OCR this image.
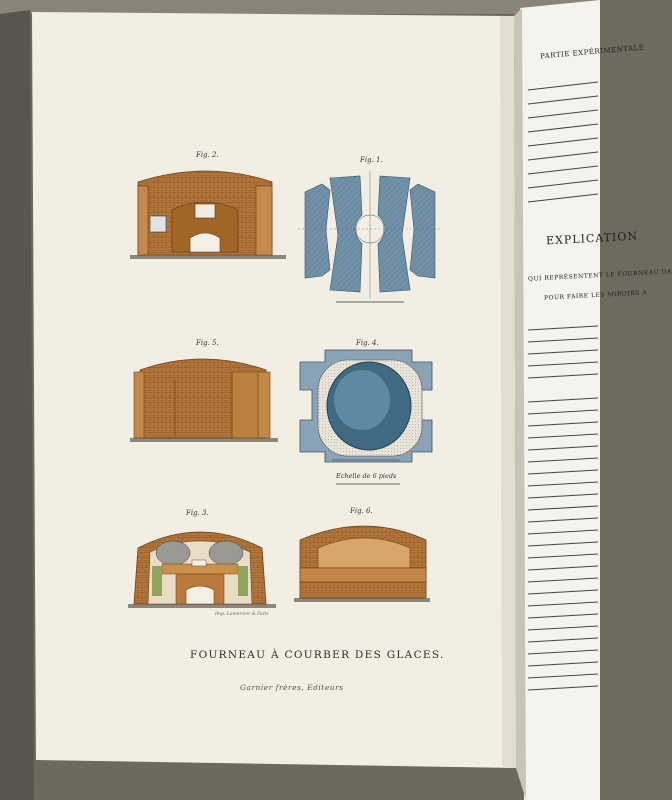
Fig. 2.
Fig. 1.
Fig. 5.	Fig. 4.
Fig. 3.	Fig. 6.
Echelle de 6 pieds
Imp. Lemercier & Paris
FOURNEAU À COURBER DES GLACES.
Garnier frères, Editeurs
PARTIE EXPÉRIMENTALE
EXPLICATION
QUI REPRÉSENTENT LE FOURNEAU DA
POUR FAIRE LES MIROIRS A
